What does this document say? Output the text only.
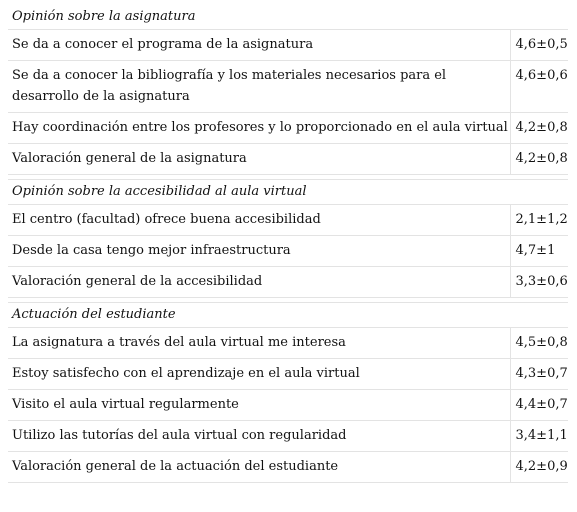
Opinión sobre la asignatura	
Se da a conocer el programa de la asignatura	4,6±0,5
Se da a conocer la bibliografía y los materiales necesarios para el desarrollo de la asignatura	4,6±0,6
Hay coordinación entre los profesores y lo proporcionado en el aula virtual	4,2±0,8
Valoración general de la asignatura	4,2±0,8

Opinión sobre la accesibilidad al aula virtual	
El centro (facultad) ofrece buena accesibilidad	2,1±1,2
Desde la casa tengo mejor infraestructura	4,7±1
Valoración general de la accesibilidad	3,3±0,6

Actuación del estudiante	
La asignatura a través del aula virtual me interesa	4,5±0,8
Estoy satisfecho con el aprendizaje en el aula virtual	4,3±0,7
Visito el aula virtual regularmente	4,4±0,7
Utilizo las tutorías del aula virtual con regularidad	3,4±1,1
Valoración general de la actuación del estudiante	4,2±0,9
